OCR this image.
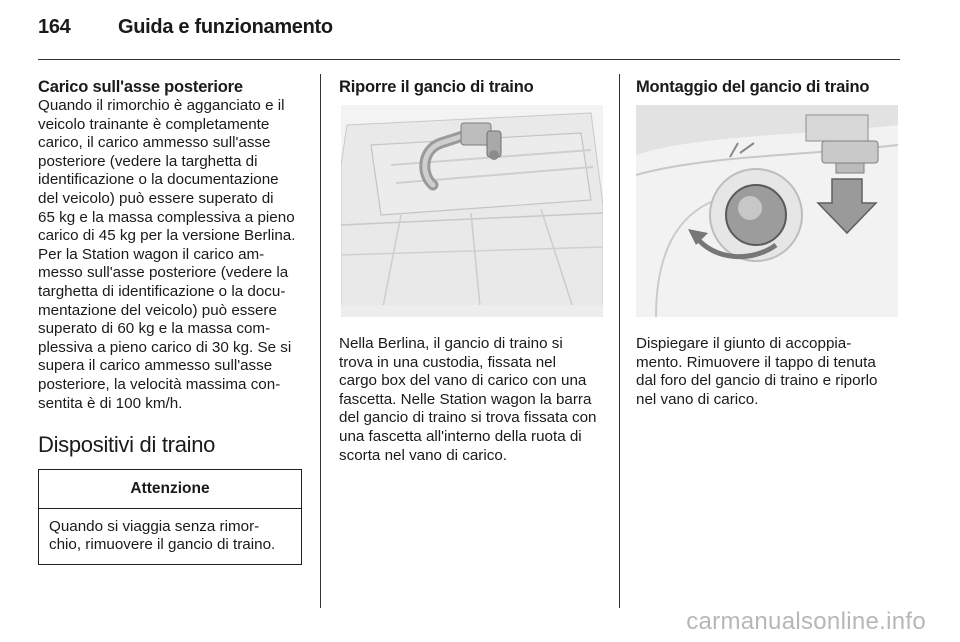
164 Guida e funzionamento
Carico sull'asse posteriore

Quando il rimorchio è agganciato e il
veicolo trainante è completamente
carico, il carico ammesso sull'asse
posteriore (vedere la targhetta di
identificazione o la documentazione
del veicolo) può essere superato di
65 kg e la massa complessiva a pieno
carico di 45 kg per la versione Berlina.
Per la Station wagon il carico am‐
messo sull'asse posteriore (vedere la
targhetta di identificazione o la docu‐
mentazione del veicolo) può essere
superato di 60 kg e la massa com‐
plessiva a pieno carico di 30 kg. Se si
supera il carico ammesso sull'asse
posteriore, la velocità massima con‐
sentita è di 100 km/h.

Dispositivi di traino
Attenzione
Quando si viaggia senza rimor‐
chio, rimuovere il gancio di traino.
Riporre il gancio di traino

Nella Berlina, il gancio di traino si
trova in una custodia, fissata nel
cargo box del vano di carico con una
fascetta. Nelle Station wagon la barra
del gancio di traino si trova fissata con
una fascetta all'interno della ruota di
scorta nel vano di carico.

Montaggio del gancio di traino

Dispiegare il giunto di accoppia‐
mento. Rimuovere il tappo di tenuta
dal foro del gancio di traino e riporlo
nel vano di carico.

carmanualsonline.info
